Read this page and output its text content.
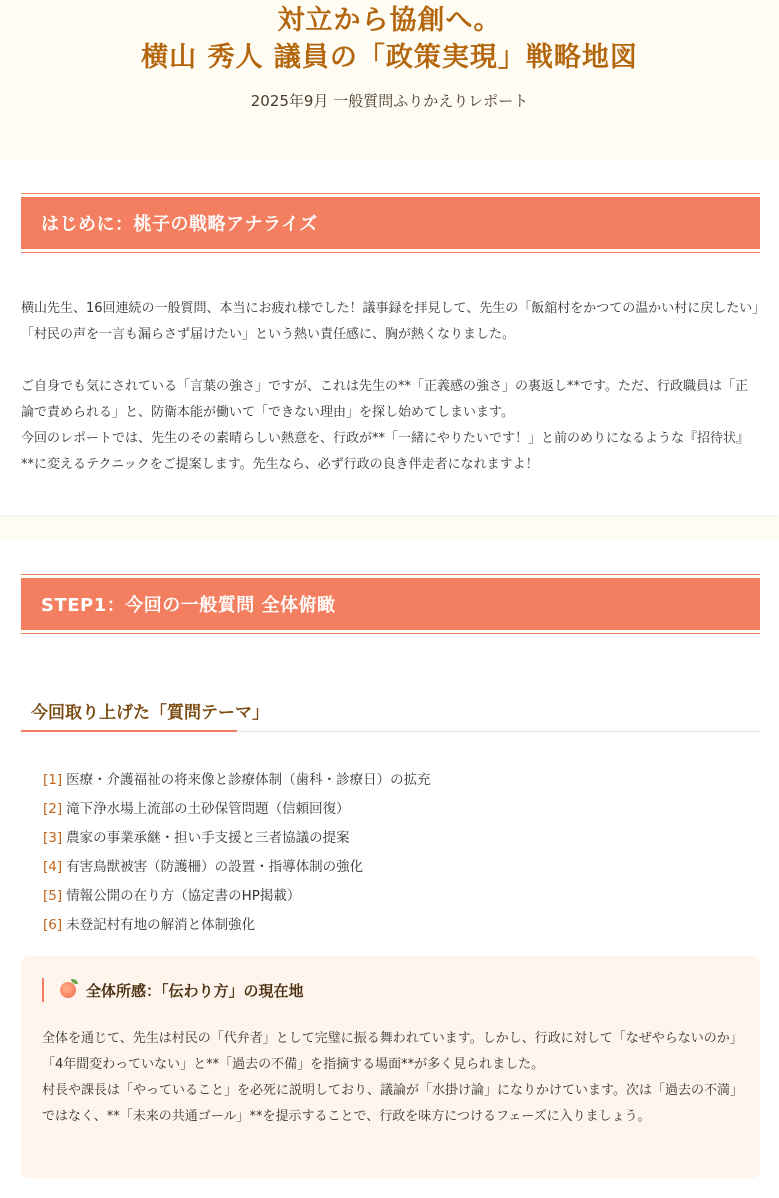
対立から協創へ。
横山 秀人 議員の「政策実現」戦略地図
2025年9月 一般質問ふりかえりレポート
はじめに：桃子の戦略アナライズ

横山先生、16回連続の一般質問、本当にお疲れ様でした！議事録を拝見して、先生の「飯舘村をかつての温かい村に戻したい」「村民の声を一言も漏らさず届けたい」という熱い責任感に、胸が熱くなりました。

ご自身でも気にされている「言葉の強さ」ですが、これは先生の**「正義感の強さ」の裏返し**です。ただ、行政職員は「正論で責められる」と、防衛本能が働いて「できない理由」を探し始めてしまいます。

今回のレポートでは、先生のその素晴らしい熱意を、行政が**「一緒にやりたいです！」と前のめりになるような『招待状』**に変えるテクニックをご提案します。先生なら、必ず行政の良き伴走者になれますよ！

STEP1：今回の一般質問 全体俯瞰
今回取り上げた「質問テーマ」
[1] 医療・介護福祉の将来像と診療体制（歯科・診療日）の拡充
[2] 滝下浄水場上流部の土砂保管問題（信頼回復）
[3] 農家の事業承継・担い手支援と三者協議の提案
[4] 有害鳥獣被害（防護柵）の設置・指導体制の強化
[5] 情報公開の在り方（協定書のHP掲載）
[6] 未登記村有地の解消と体制強化
全体所感：「伝わり方」の現在地

全体を通じて、先生は村民の「代弁者」として完璧に振る舞われています。しかし、行政に対して「なぜやらないのか」「4年間変わっていない」と**「過去の不備」を指摘する場面**が多く見られました。

村長や課長は「やっていること」を必死に説明しており、議論が「水掛け論」になりかけています。次は「過去の不満」ではなく、**「未来の共通ゴール」**を提示することで、行政を味方につけるフェーズに入りましょう。
